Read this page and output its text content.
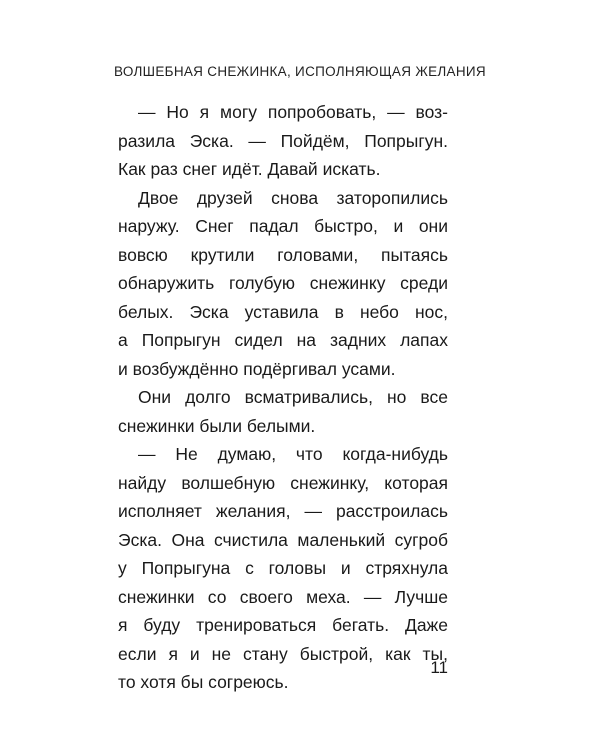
ВОЛШЕБНАЯ СНЕЖИНКА, ИСПОЛНЯЮЩАЯ ЖЕЛАНИЯ
— Но я могу попробовать, — воз-
разила Эска. — Пойдём, Попрыгун.
Как раз снег идёт. Давай искать.
Двое друзей снова заторопились
наружу. Снег падал быстро, и они
вовсю крутили головами, пытаясь
обнаружить голубую снежинку среди
белых. Эска уставила в небо нос,
а Попрыгун сидел на задних лапах
и возбуждённо подёргивал усами.
Они долго всматривались, но все
снежинки были белыми.
— Не думаю, что когда-нибудь
найду волшебную снежинку, которая
исполняет желания, — расстроилась
Эска. Она счистила маленький сугроб
у Попрыгуна с головы и стряхнула
снежинки со своего меха. — Лучше
я буду тренироваться бегать. Даже
если я и не стану быстрой, как ты,
то хотя бы согреюсь.
11
